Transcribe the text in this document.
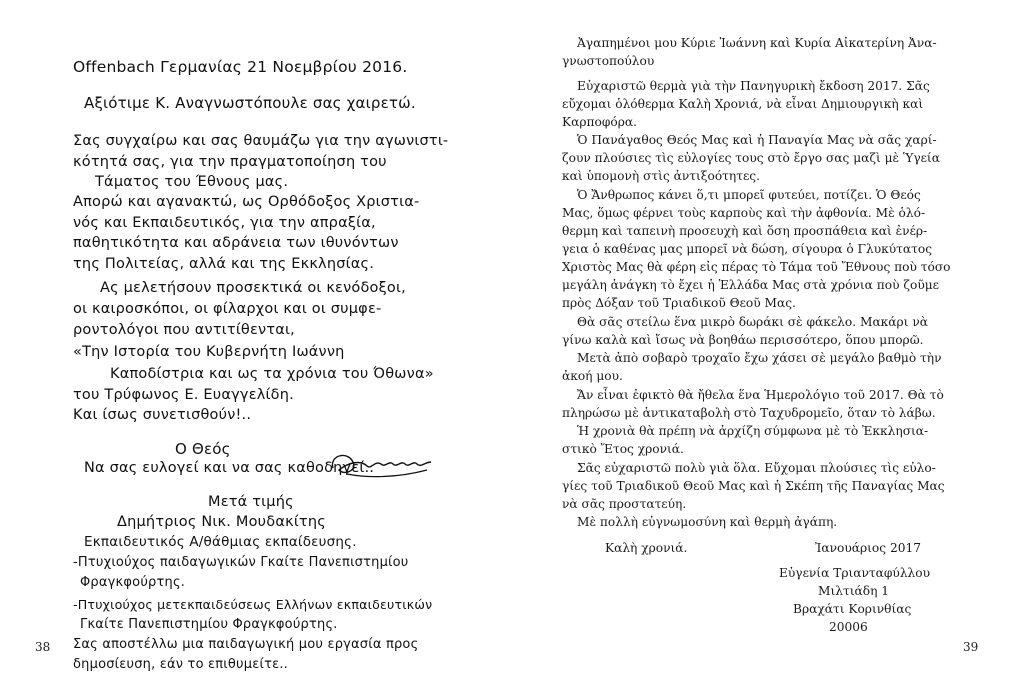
Offenbach Γερμανίας 21 Νοεμβρίου 2016.
Αξιότιμε Κ. Αναγνωστόπουλε σας χαιρετώ.
Σας συγχαίρω και σας θαυμάζω για την αγωνιστι-
κότητά σας, για την πραγματοποίηση του
Τάματος του Έθνους μας.
Απορώ και αγανακτώ, ως Ορθόδοξος Χριστια-
νός και Εκπαιδευτικός, για την απραξία,
παθητικότητα και αδράνεια των ιθυνόντων
της Πολιτείας, αλλά και της Εκκλησίας.
Ας μελετήσουν προσεκτικά οι κενόδοξοι,
οι καιροσκόποι, οι φίλαρχοι και οι συμφε-
ροντολόγοι που αντιτίθενται,
«Την Ιστορία του Κυβερνήτη Ιωάννη
Καποδίστρια και ως τα χρόνια του Όθωνα»
του Τρύφωνος Ε. Ευαγγελίδη.
Και ίσως συνετισθούν!..
Ο Θεός
Να σας ευλογεί και να σας καθοδηγεί..
Μετά τιμής
Δημήτριος Νικ. Μουδακίτης
Εκπαιδευτικός Α/θάθμιας εκπαίδευσης.
-Πτυχιούχος παιδαγωγικών Γκαίτε Πανεπιστημίου
Φραγκφούρτης.
-Πτυχιούχος μετεκπαιδεύσεως Ελλήνων εκπαιδευτικών
Γκαίτε Πανεπιστημίου Φραγκφούρτης.
Σας αποστέλλω μια παιδαγωγική μου εργασία προς
δημοσίευση, εάν το επιθυμείτε..
38
Ἀγαπημένοι μου Κύριε Ἰωάννη καὶ Κυρία Αἰκατερίνη Ἀνα-
γνωστοπούλου
Εὐχαριστῶ θερμὰ γιὰ τὴν Πανηγυρικὴ ἔκδοση 2017. Σᾶς
εὔχομαι ὁλόθερμα Καλὴ Χρονιά, νὰ εἶναι Δημιουργικὴ καὶ
Καρποφόρα.
Ὁ Πανάγαθος Θεός Μας καὶ ἡ Παναγία Μας νὰ σᾶς χαρί-
ζουν πλούσιες τὶς εὐλογίες τους στὸ ἔργο σας μαζὶ μὲ Ὑγεία
καὶ ὑπομονὴ στὶς ἀντιξοότητες.
Ὁ Ἄνθρωπος κάνει ὅ,τι μπορεῖ φυτεύει, ποτίζει. Ὁ Θεός
Μας, ὅμως φέρνει τοὺς καρποὺς καὶ τὴν ἀφθονία. Μὲ ὁλό-
θερμη καὶ ταπεινὴ προσευχὴ καὶ ὅση προσπάθεια καὶ ἐνέρ-
γεια ὁ καθένας μας μπορεῖ νὰ δώση, σίγουρα ὁ Γλυκύτατος
Χριστὸς Μας θὰ φέρη εἰς πέρας τὸ Τάμα τοῦ Ἔθνους ποὺ τόσο
μεγάλη ἀνάγκη τὸ ἔχει ἡ Ἑλλάδα Μας στὰ χρόνια ποὺ ζοῦμε
πρὸς Δόξαν τοῦ Τριαδικοῦ Θεοῦ Μας.
Θὰ σᾶς στείλω ἕνα μικρὸ δωράκι σὲ φάκελο. Μακάρι νὰ
γίνω καλὰ καὶ ἴσως νὰ βοηθάω περισσότερο, ὅπου μπορῶ.
Μετὰ ἀπὸ σοβαρὸ τροχαῖο ἔχω χάσει σὲ μεγάλο βαθμὸ τὴν
ἀκοή μου.
Ἄν εἶναι ἐφικτὸ θὰ ἤθελα ἕνα Ἡμερολόγιο τοῦ 2017. Θὰ τὸ
πληρώσω μὲ ἀντικαταβολὴ στὸ Ταχυδρομεῖο, ὅταν τὸ λάβω.
Ἡ χρονιὰ θὰ πρέπη νὰ ἀρχίζη σύμφωνα μὲ τὸ Ἐκκλησια-
στικὸ Ἔτος χρονιά.
Σᾶς εὐχαριστῶ πολὺ γιὰ ὅλα. Εὔχομαι πλούσιες τὶς εὐλο-
γίες τοῦ Τριαδικοῦ Θεοῦ Μας καὶ ἡ Σκέπη τῆς Παναγίας Μας
νὰ σᾶς προστατεύη.
Μὲ πολλὴ εὐγνωμοσύνη καὶ θερμὴ ἀγάπη.
Καλὴ χρονιά.	Ἰανουάριος 2017
Εὐγενία Τριανταφύλλου
Μιλτιάδη 1
Βραχάτι Κορινθίας
20006
39
